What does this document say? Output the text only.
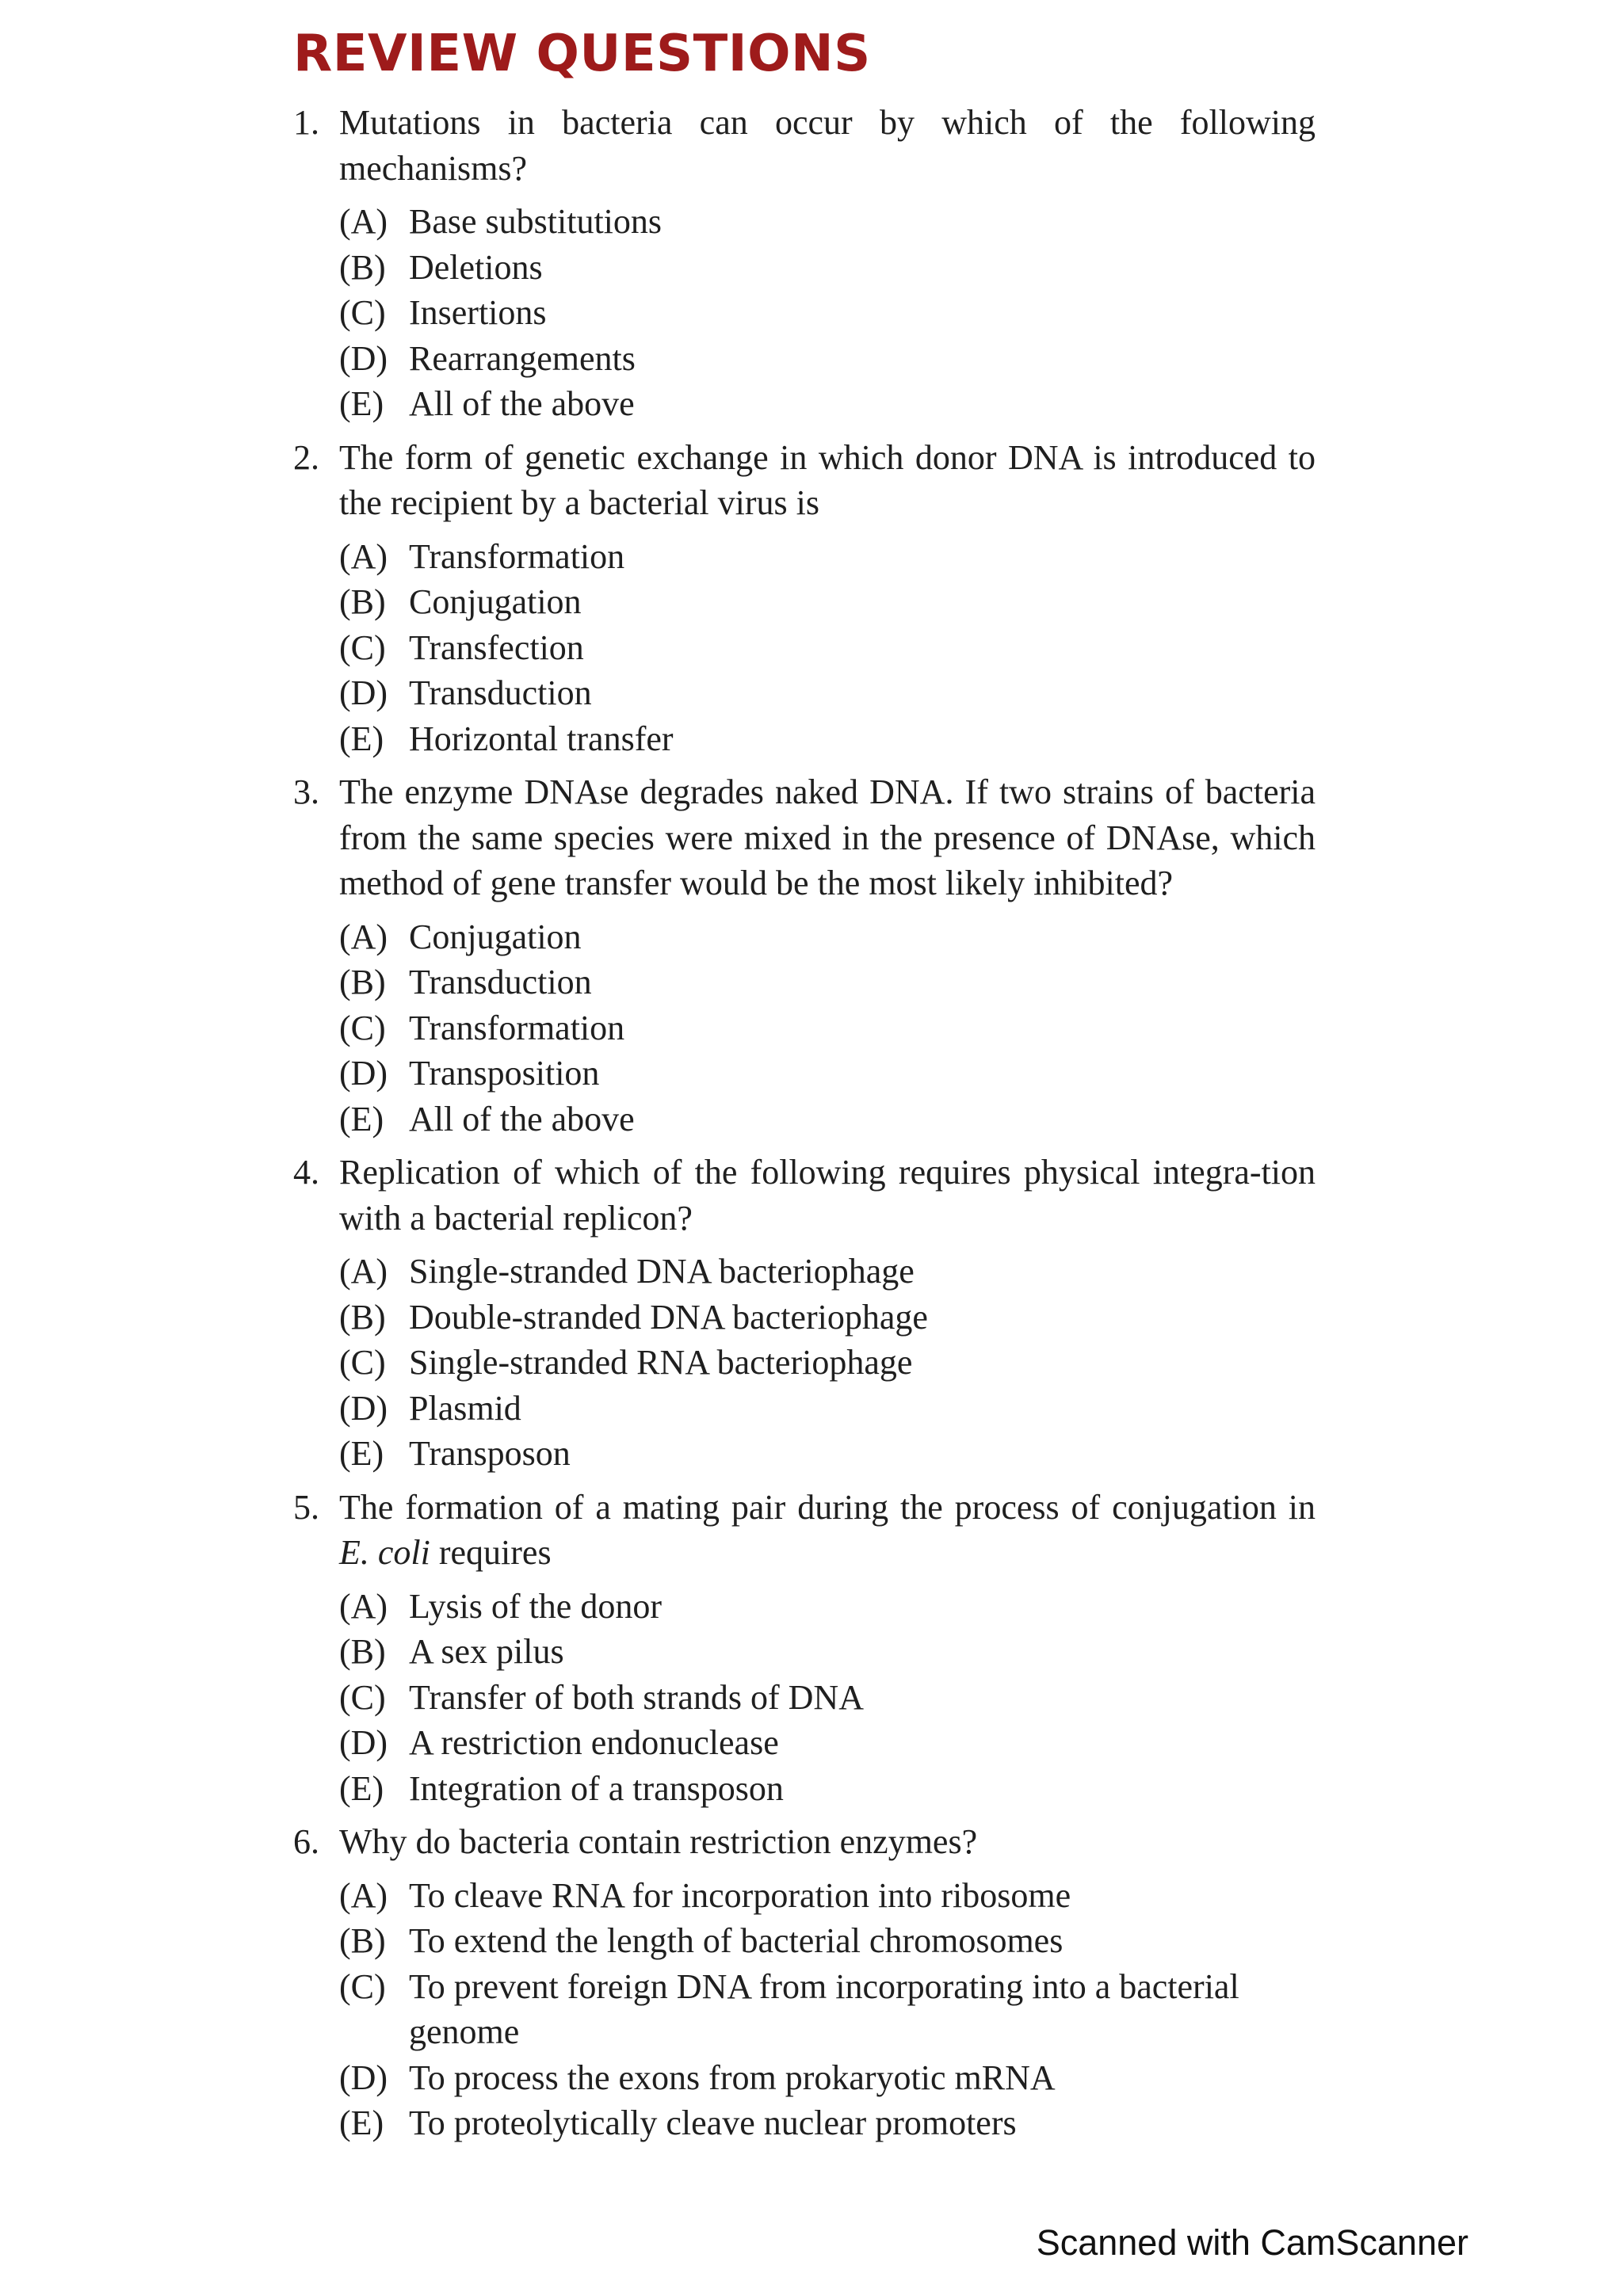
REVIEW QUESTIONS
1. Mutations in bacteria can occur by which of the following mechanisms?
(A) Base substitutions
(B) Deletions
(C) Insertions
(D) Rearrangements
(E) All of the above
2. The form of genetic exchange in which donor DNA is introduced to the recipient by a bacterial virus is
(A) Transformation
(B) Conjugation
(C) Transfection
(D) Transduction
(E) Horizontal transfer
3. The enzyme DNAse degrades naked DNA. If two strains of bacteria from the same species were mixed in the presence of DNAse, which method of gene transfer would be the most likely inhibited?
(A) Conjugation
(B) Transduction
(C) Transformation
(D) Transposition
(E) All of the above
4. Replication of which of the following requires physical integra-tion with a bacterial replicon?
(A) Single-stranded DNA bacteriophage
(B) Double-stranded DNA bacteriophage
(C) Single-stranded RNA bacteriophage
(D) Plasmid
(E) Transposon
5. The formation of a mating pair during the process of conjugation in E. coli requires
(A) Lysis of the donor
(B) A sex pilus
(C) Transfer of both strands of DNA
(D) A restriction endonuclease
(E) Integration of a transposon
6. Why do bacteria contain restriction enzymes?
(A) To cleave RNA for incorporation into ribosome
(B) To extend the length of bacterial chromosomes
(C) To prevent foreign DNA from incorporating into a bacterial genome
(D) To process the exons from prokaryotic mRNA
(E) To proteolytically cleave nuclear promoters
Scanned with CamScanner
